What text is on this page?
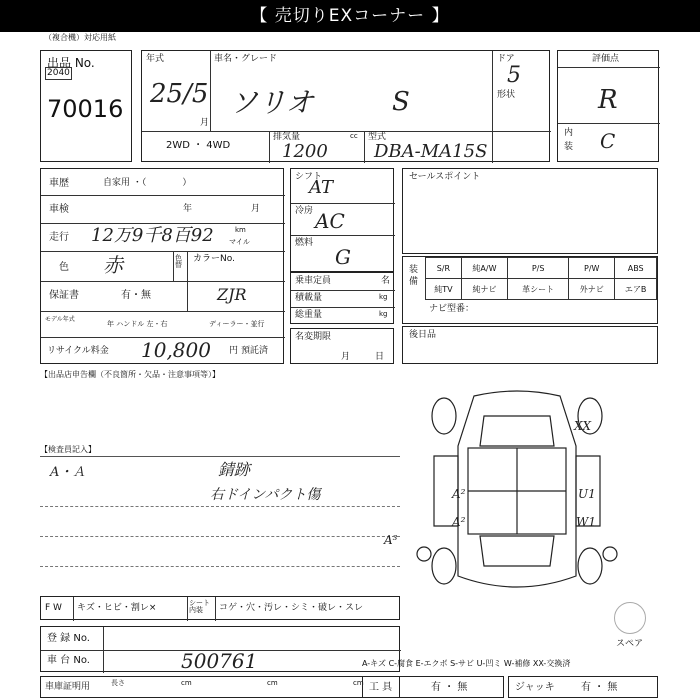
【 売切りEXコーナー 】
（複合機）対応用紙
出品 No.
2040
70016
年式
25/5
月
車名・グレード
ソリオ	S
ドア
5
形状
2WD ・ 4WD
排気量	cc
1200
型式
DBA-MA15S
評価点
R
内
装 C
車歴	自家用 ・（　　　　）
車検	年	月
走行 12万9千8百92	km
マイル
色 赤	色替
カラーNo.
保証書	有・無	ZJR
モデル年式
年 ハンドル 左・右	ディーラー・並行
リサイクル料金 10,800 円 預託済
シフト
AT
冷房 AC
燃料
G
乗車定員	名
積載量	kg
総重量	kg
名変期限
月	日
セールスポイント
装備
S/R	純A/W	P/S	P/W	ABS
純TV	純ナビ	革シート	外ナビ	エアB
ナビ型番：
後日品
【出品店申告欄（不良箇所・欠品・注意事項等）】
【検査員記入】
A・Ａ	錆跡
右ドインパクト傷
F W キズ・ヒビ・割レ×	シート内装	コゲ・穴・汚レ・シミ・破レ・スレ
登 録 No.
車 台 No.	500761
車庫証明用	長さ	cm	cm	cm
A²
A²
U1
W1
A³
XX
スペア
A-キズ C-腐食 E-エクボ S-サビ U-凹ミ W-補修 XX-交換済
工 具	有 ・ 無	ジャッキ	有 ・ 無
